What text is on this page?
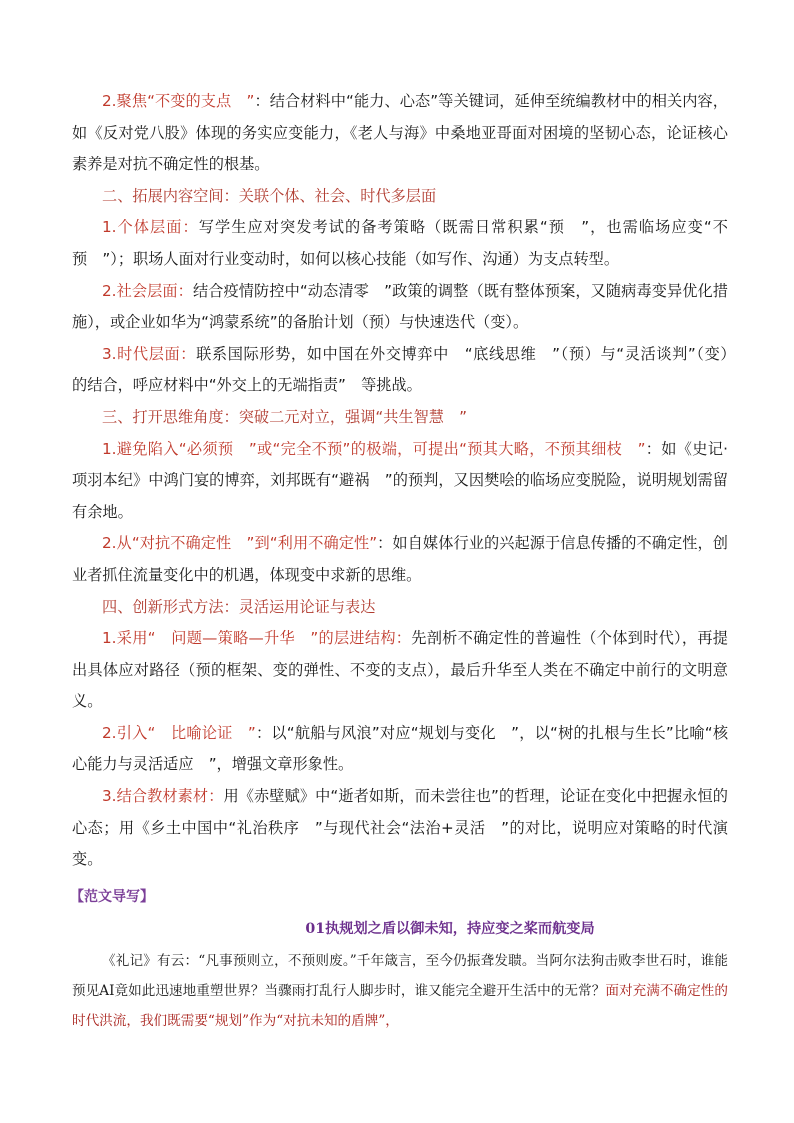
2.聚焦“不变的支点　”：结合材料中“能力、心态”等关键词，延伸至统编教材中的相关内容，如《反对党八股》体现的务实应变能力，《老人与海》中桑地亚哥面对困境的坚韧心态，论证核心素养是对抗不确定性的根基。

二、拓展内容空间：关联个体、社会、时代多层面

1.个体层面：写学生应对突发考试的备考策略（既需日常积累“预　”，也需临场应变“不预　”）；职场人面对行业变动时，如何以核心技能（如写作、沟通）为支点转型。

2.社会层面：结合疫情防控中“动态清零　”政策的调整（既有整体预案，又随病毒变异优化措施），或企业如华为“鸿蒙系统”的备胎计划（预）与快速迭代（变）。

3.时代层面：联系国际形势，如中国在外交博弈中　“底线思维　”（预）与“灵活谈判”（变）　的结合，呼应材料中“外交上的无端指责”　等挑战。

三、打开思维角度：突破二元对立，强调“共生智慧　”

1.避免陷入“必须预　”或“完全不预”的极端，可提出“预其大略，不预其细枝　”：如《史记·项羽本纪》中鸿门宴的博弈，刘邦既有“避祸　”的预判，又因樊哙的临场应变脱险，说明规划需留有余地。

2.从“对抗不确定性　”到“利用不确定性”：如自媒体行业的兴起源于信息传播的不确定性，创业者抓住流量变化中的机遇，体现变中求新的思维。

四、创新形式方法：灵活运用论证与表达

1.采用“　问题—策略—升华　”的层进结构：先剖析不确定性的普遍性（个体到时代），再提出具体应对路径（预的框架、变的弹性、不变的支点），最后升华至人类在不确定中前行的文明意义。

2.引入“　比喻论证　”：以“航船与风浪”对应“规划与变化　”，以“树的扎根与生长”比喻“核心能力与灵活适应　”，增强文章形象性。

3.结合教材素材：用《赤壁赋》中“逝者如斯，而未尝往也”的哲理，论证在变化中把握永恒的心态；用《乡土中国中“礼治秩序　”与现代社会“法治+灵活　”的对比，说明应对策略的时代演变。

【范文导写】
01执规划之盾以御未知，持应变之桨而航变局

《礼记》有云：“凡事预则立，不预则废。”千年箴言，至今仍振聋发聩。当阿尔法狗击败李世石时，谁能预见AI竟如此迅速地重塑世界？当骤雨打乱行人脚步时，谁又能完全避开生活中的无常？面对充满不确定性的时代洪流，我们既需要“规划”作为“对抗未知的盾牌”，
